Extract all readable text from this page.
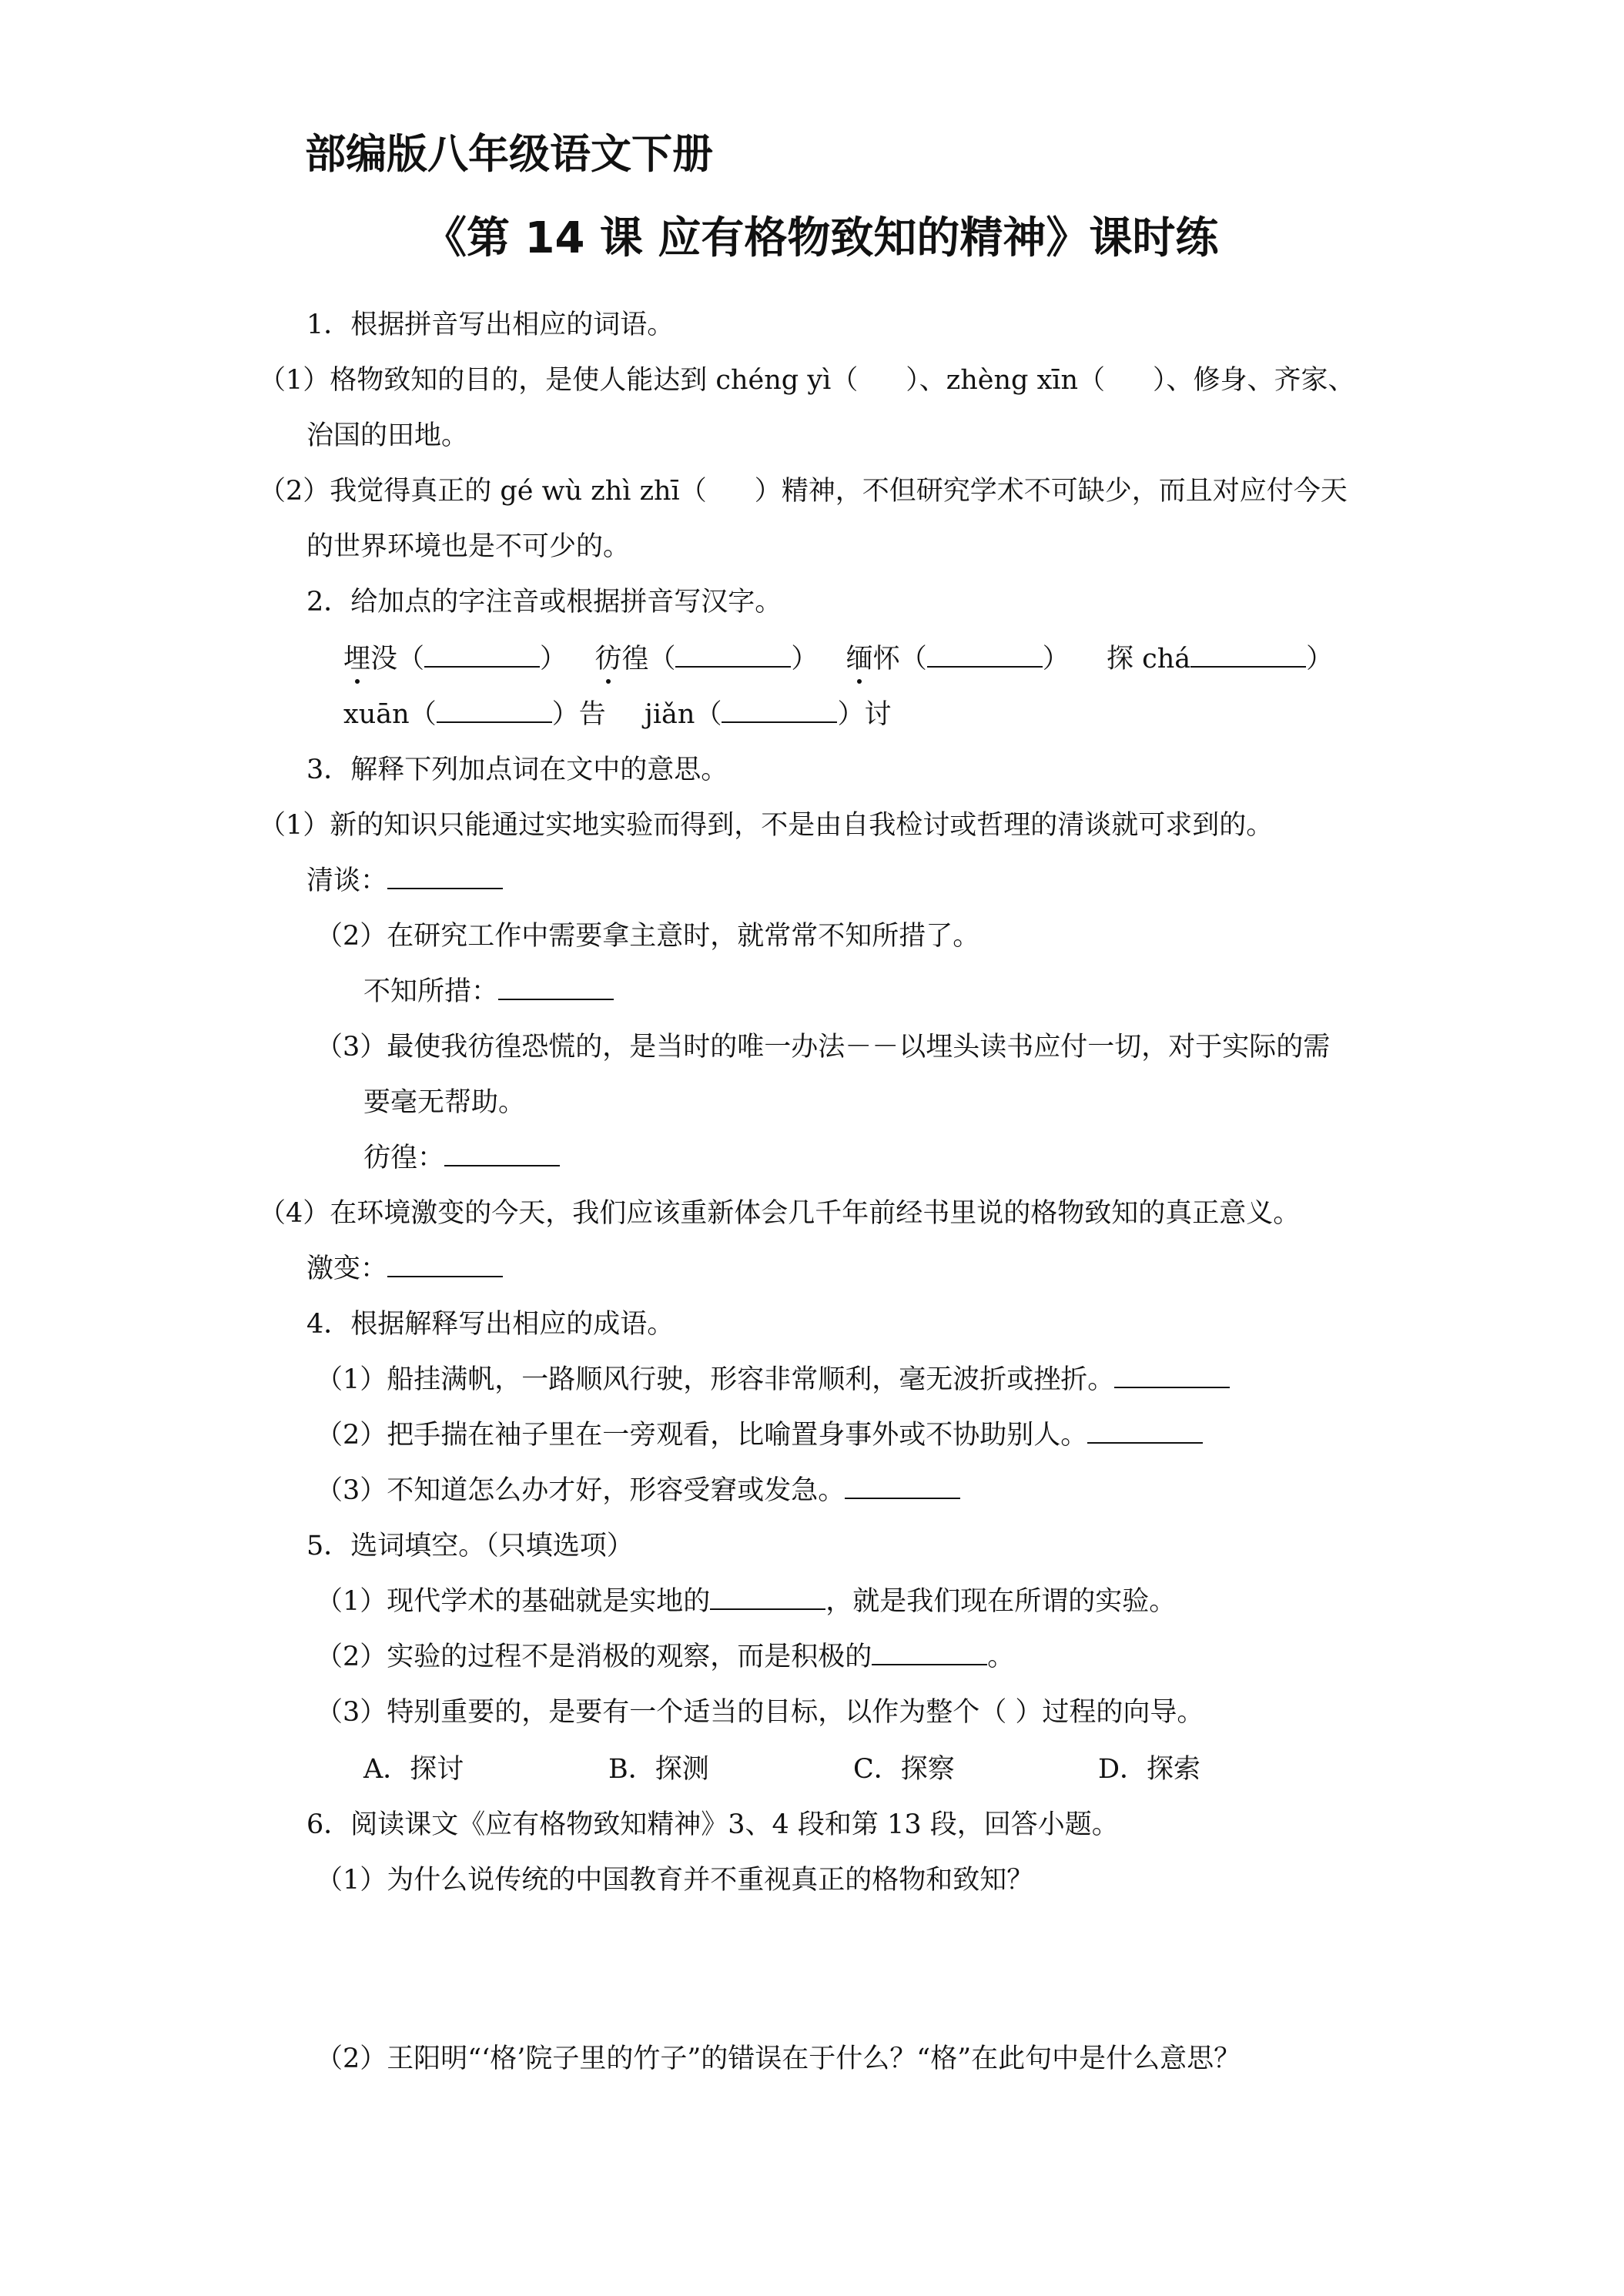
部编版八年级语文下册
《第 14 课 应有格物致知的精神》课时练
1．根据拼音写出相应的词语。
（1）格物致知的目的，是使人能达到 chéng yì（ ）、zhèng xīn（ ）、修身、齐家、
治国的田地。
（2）我觉得真正的 gé wù zhì zhī（ ）精神，不但研究学术不可缺少，而且对应付今天
的世界环境也是不可少的。
2．给加点的字注音或根据拼音写汉字。
埋没（	） 彷徨（	） 缅怀（	） 探 chá	）
xuān（	）告 jiǎn（	）讨
3．解释下列加点词在文中的意思。
（1）新的知识只能通过实地实验而得到，不是由自我检讨或哲理的清谈就可求到的。
清谈：
（2）在研究工作中需要拿主意时，就常常不知所措了。
不知所措：
（3）最使我彷徨恐慌的，是当时的唯一办法－－以埋头读书应付一切，对于实际的需
要毫无帮助。
彷徨：
（4）在环境激变的今天，我们应该重新体会几千年前经书里说的格物致知的真正意义。
激变：
4．根据解释写出相应的成语。
（1）船挂满帆，一路顺风行驶，形容非常顺利，毫无波折或挫折。
（2）把手揣在袖子里在一旁观看，比喻置身事外或不协助别人。
（3）不知道怎么办才好，形容受窘或发急。
5．选词填空。（只填选项）
（1）现代学术的基础就是实地的	，就是我们现在所谓的实验。
（2）实验的过程不是消极的观察，而是积极的	。
（3）特别重要的，是要有一个适当的目标，以作为整个（ ）过程的向导。
A．探讨	B．探测	C．探察	D．探索
6．阅读课文《应有格物致知精神》3、4 段和第 13 段，回答小题。
（1）为什么说传统的中国教育并不重视真正的格物和致知？
（2）王阳明“‘格’院子里的竹子”的错误在于什么？“格”在此句中是什么意思？
